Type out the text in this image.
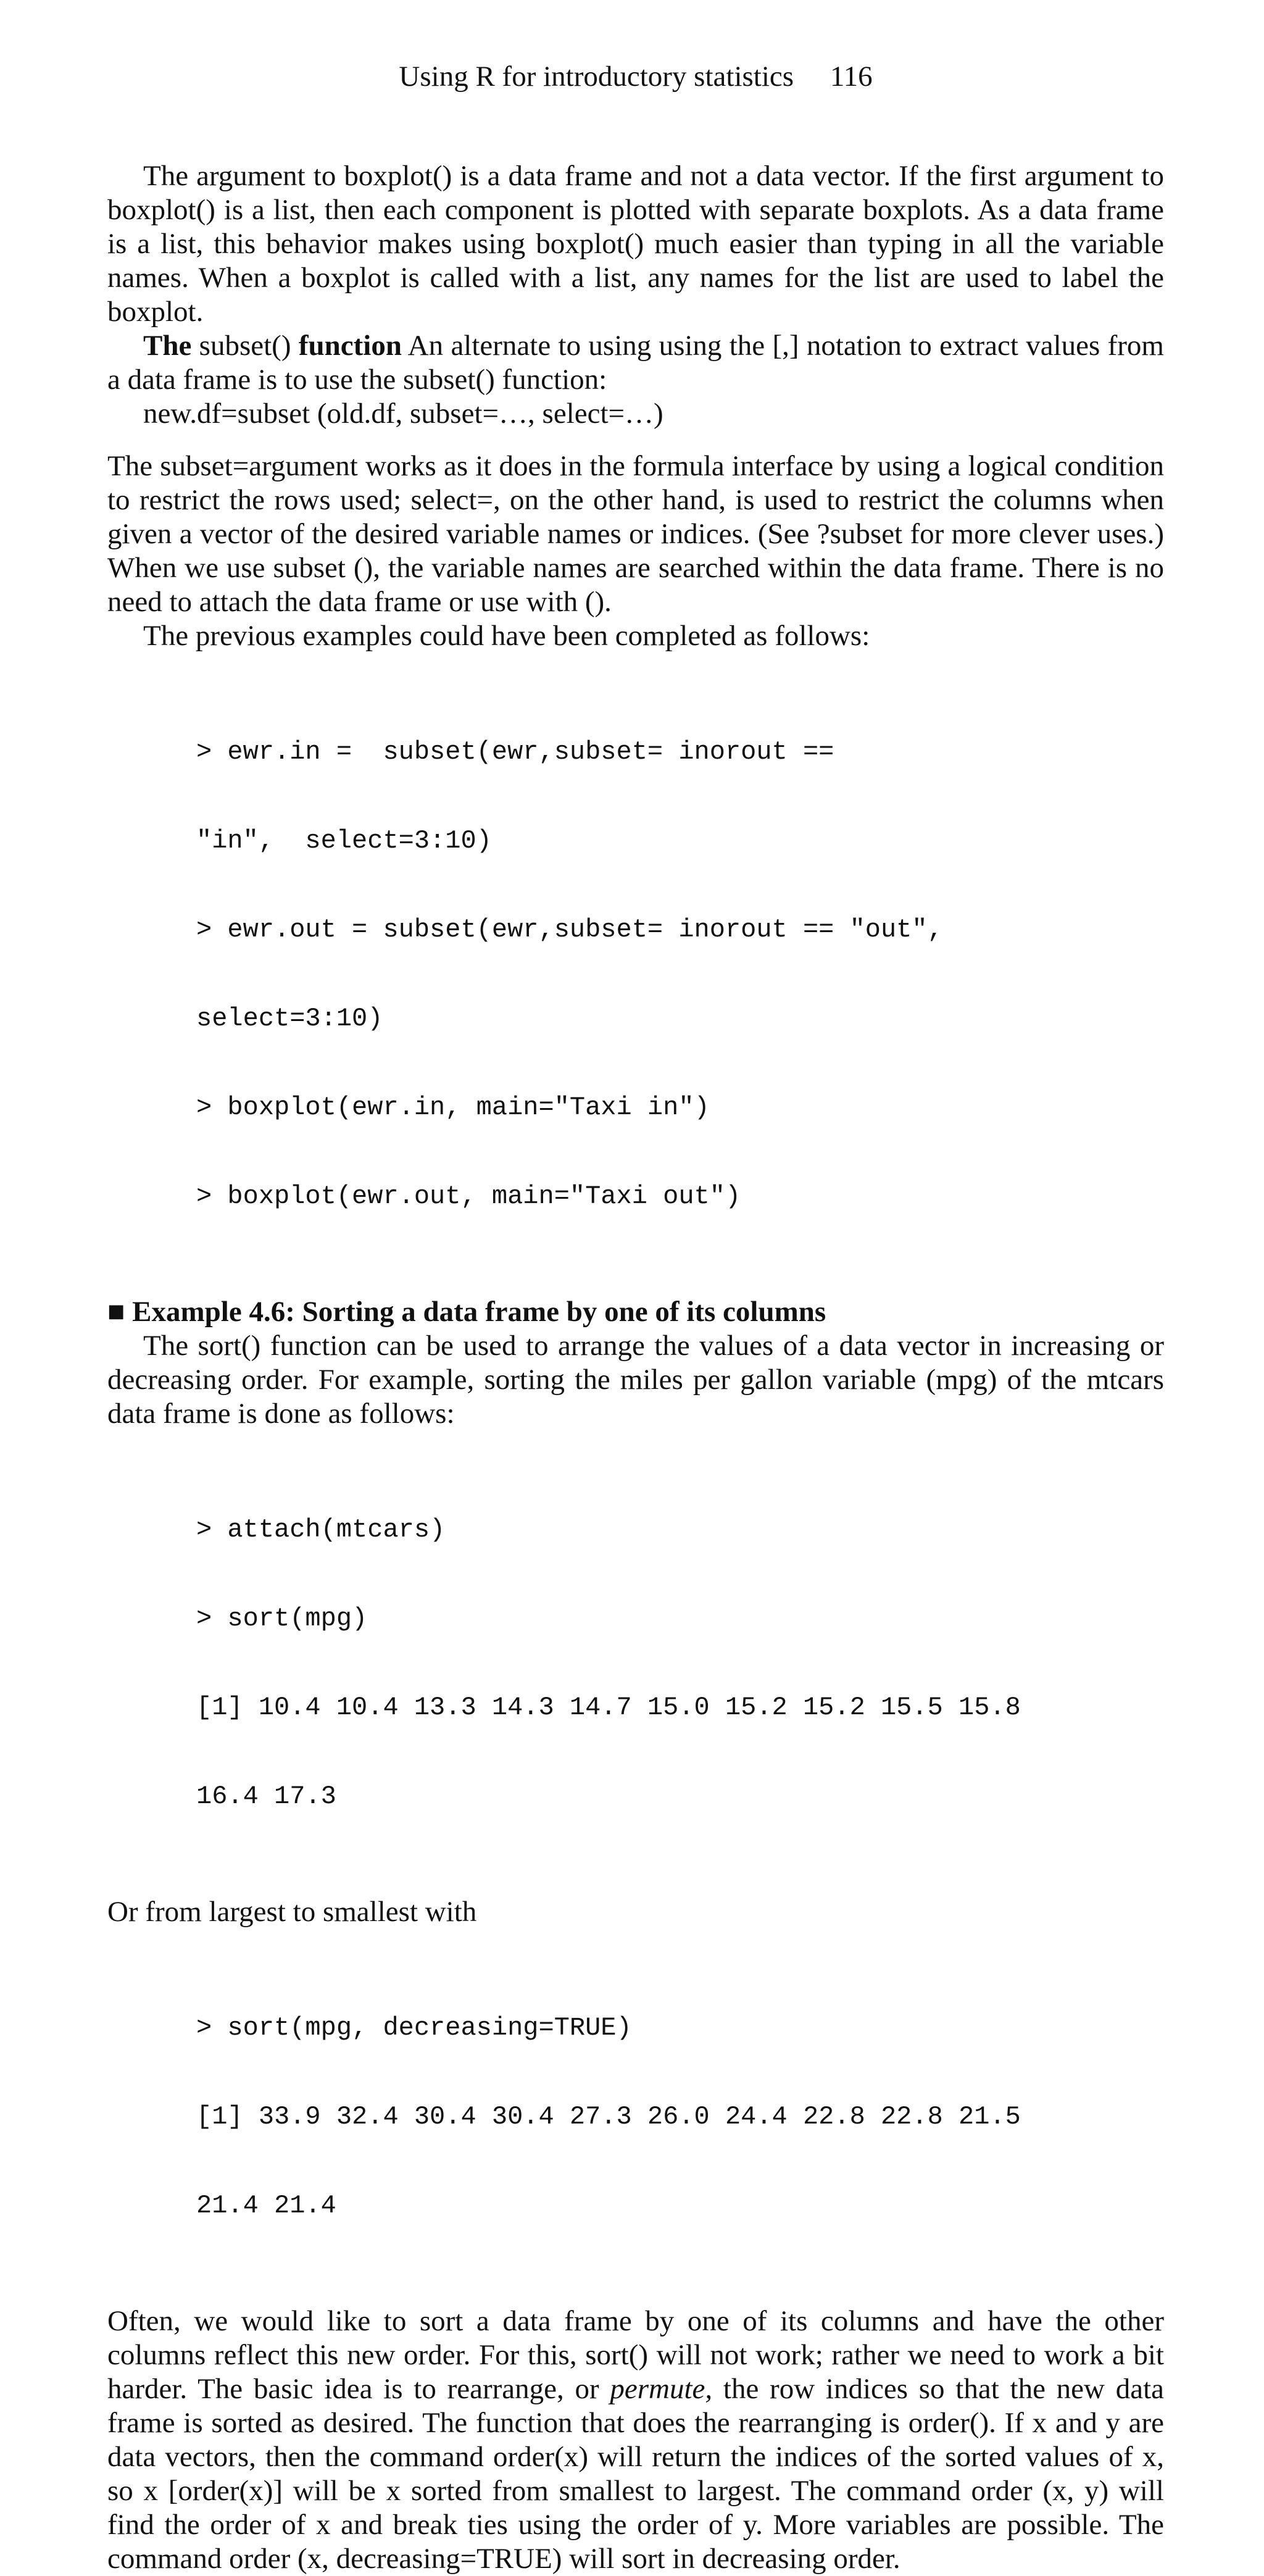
Using R for introductory statistics 116

The argument to boxplot() is a data frame and not a data vector. If the first argument to boxplot() is a list, then each component is plotted with separate boxplots. As a data frame is a list, this behavior makes using boxplot() much easier than typing in all the variable names. When a boxplot is called with a list, any names for the list are used to label the boxplot.

The subset() function An alternate to using using the [,] notation to extract values from a data frame is to use the subset() function:

new.df=subset (old.df, subset=…, select=…)

The subset=argument works as it does in the formula interface by using a logical condition to restrict the rows used; select=, on the other hand, is used to restrict the columns when given a vector of the desired variable names or indices. (See ?subset for more clever uses.) When we use subset (), the variable names are searched within the data frame. There is no need to attach the data frame or use with ().

The previous examples could have been completed as follows:

> ewr.in =  subset(ewr,subset= inorout ==

"in",  select=3:10)

> ewr.out = subset(ewr,subset= inorout == "out",

select=3:10)

> boxplot(ewr.in, main="Taxi in")

> boxplot(ewr.out, main="Taxi out")

■ Example 4.6: Sorting a data frame by one of its columns

The sort() function can be used to arrange the values of a data vector in increasing or decreasing order. For example, sorting the miles per gallon variable (mpg) of the mtcars data frame is done as follows:

> attach(mtcars)

> sort(mpg)

[1] 10.4 10.4 13.3 14.3 14.7 15.0 15.2 15.2 15.5 15.8

16.4 17.3

Or from largest to smallest with

> sort(mpg, decreasing=TRUE)

[1] 33.9 32.4 30.4 30.4 27.3 26.0 24.4 22.8 22.8 21.5

21.4 21.4

Often, we would like to sort a data frame by one of its columns and have the other columns reflect this new order. For this, sort() will not work; rather we need to work a bit harder. The basic idea is to rearrange, or permute, the row indices so that the new data frame is sorted as desired. The function that does the rearranging is order(). If x and y are data vectors, then the command order(x) will return the indices of the sorted values of x, so x [order(x)] will be x sorted from smallest to largest. The command order (x, y) will find the order of x and break ties using the order of y. More variables are possible. The command order (x, decreasing=TRUE) will sort in decreasing order.
